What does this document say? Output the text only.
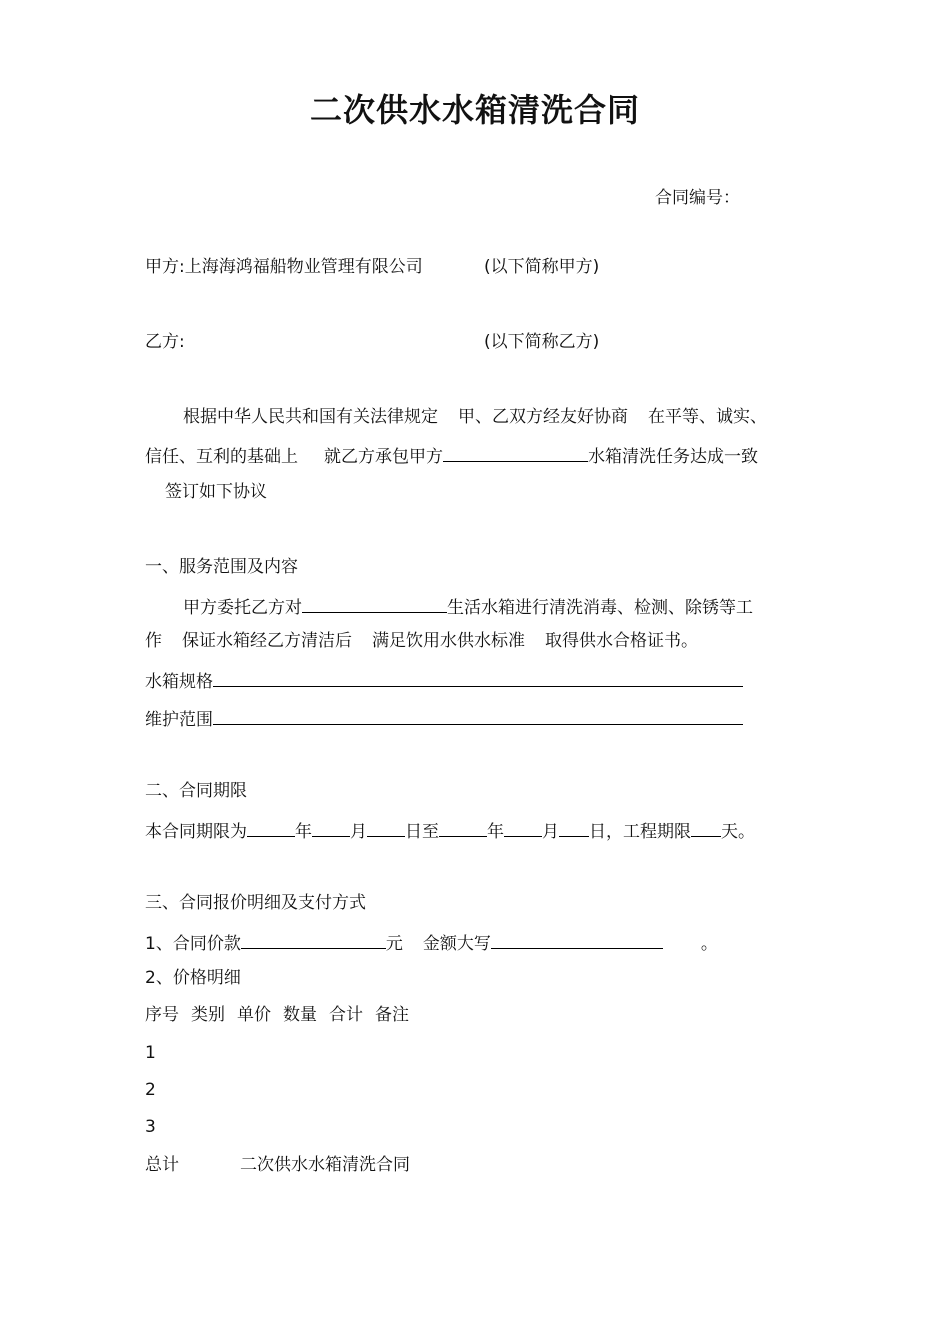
二次供水水箱清洗合同
合同编号：
甲方:上海海鸿福船物业管理有限公司	(以下简称甲方)
乙方:	(以下简称乙方)
根据中华人民共和国有关法律规定 甲、乙双方经友好协商 在平等、诚实、
信任、互利的基础上 就乙方承包甲方	水箱清洗任务达成一致
签订如下协议
一、服务范围及内容
甲方委托乙方对	生活水箱进行清洗消毒、检测、除锈等工
作 保证水箱经乙方清洁后 满足饮用水供水标准 取得供水合格证书。
水箱规格
维护范围
二、合同期限
本合同期限为	年 月 日至	年 月 日，工程期限 天。
三、合同报价明细及支付方式
1、合同价款	元 金额大写	。
2、价格明细
序号 类别 单价 数量 合计 备注
1
2
3
总计	二次供水水箱清洗合同
